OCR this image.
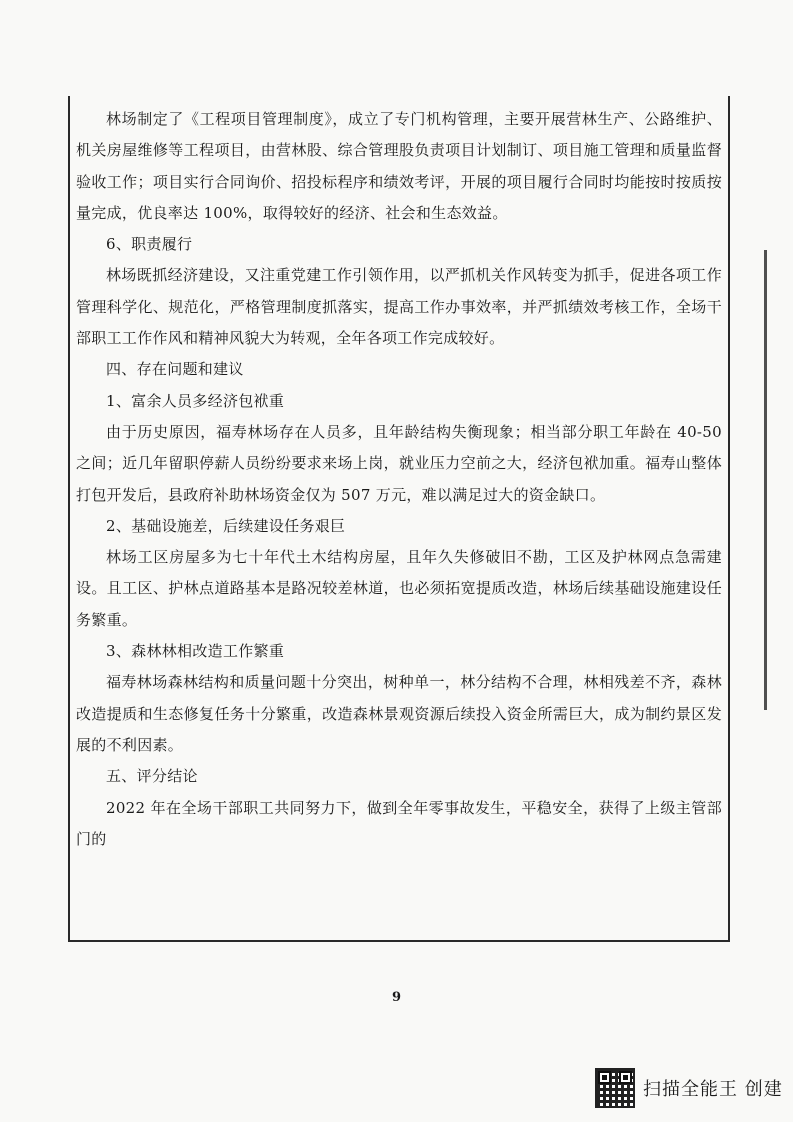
林场制定了《工程项目管理制度》，成立了专门机构管理，主要开展营林生产、公路维护、机关房屋维修等工程项目，由营林股、综合管理股负责项目计划制订、项目施工管理和质量监督验收工作；项目实行合同询价、招投标程序和绩效考评，开展的项目履行合同时均能按时按质按量完成，优良率达 100%，取得较好的经济、社会和生态效益。

6、职责履行

林场既抓经济建设，又注重党建工作引领作用，以严抓机关作风转变为抓手，促进各项工作管理科学化、规范化，严格管理制度抓落实，提高工作办事效率，并严抓绩效考核工作，全场干部职工工作作风和精神风貌大为转观，全年各项工作完成较好。

四、存在问题和建议

1、富余人员多经济包袱重

由于历史原因，福寿林场存在人员多，且年龄结构失衡现象；相当部分职工年龄在 40-50 之间；近几年留职停薪人员纷纷要求来场上岗，就业压力空前之大，经济包袱加重。福寿山整体打包开发后，县政府补助林场资金仅为 507 万元，难以满足过大的资金缺口。

2、基础设施差，后续建设任务艰巨

林场工区房屋多为七十年代土木结构房屋，且年久失修破旧不勘，工区及护林网点急需建设。且工区、护林点道路基本是路况较差林道，也必须拓宽提质改造，林场后续基础设施建设任务繁重。

3、森林林相改造工作繁重

福寿林场森林结构和质量问题十分突出，树种单一，林分结构不合理，林相残差不齐，森林改造提质和生态修复任务十分繁重，改造森林景观资源后续投入资金所需巨大，成为制约景区发展的不利因素。

五、评分结论

2022 年在全场干部职工共同努力下，做到全年零事故发生，平稳安全，获得了上级主管部门的

9
扫描全能王 创建
